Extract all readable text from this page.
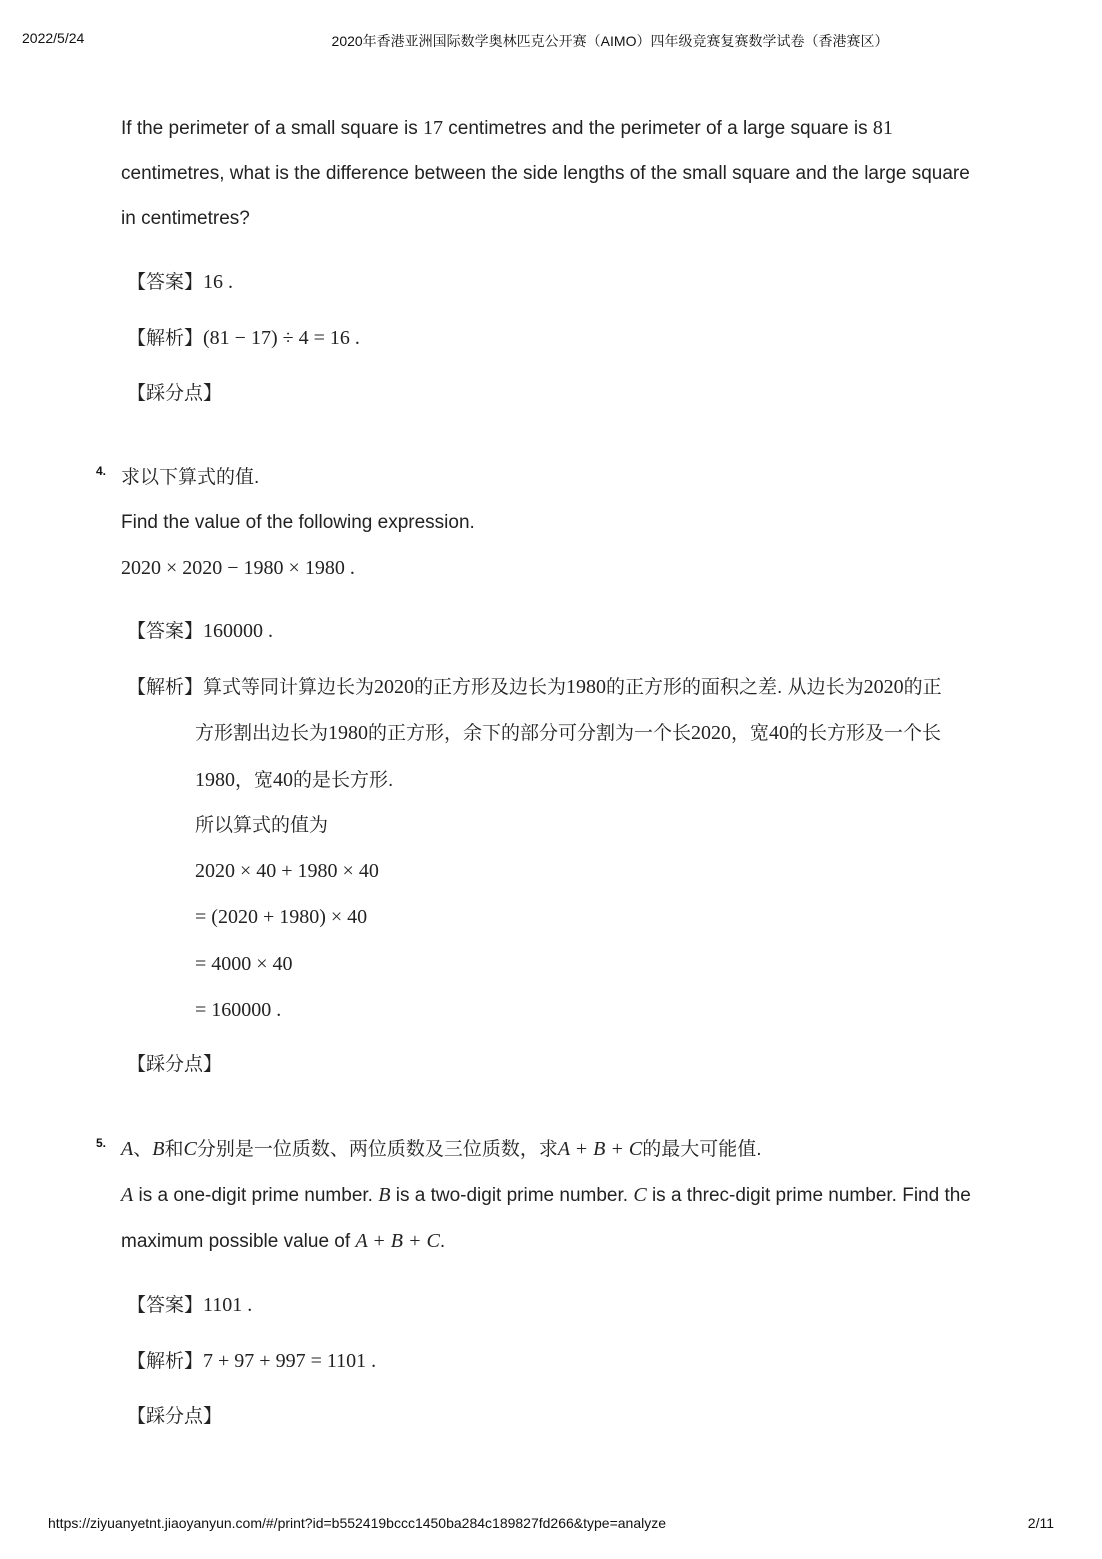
2022/5/24	2020年香港亚洲国际数学奥林匹克公开赛（AIMO）四年级竞赛复赛数学试卷（香港赛区）
If the perimeter of a small square is 17 centimetres and the perimeter of a large square is 81
centimetres, what is the difference between the side lengths of the small square and the large square
in centimetres?
【答案】16 .
【解析】(81 − 17) ÷ 4 = 16 .
【踩分点】
4. 求以下算式的值.
Find the value of the following expression.
2020 × 2020 − 1980 × 1980 .
【答案】160000 .
【解析】算式等同计算边长为2020的正方形及边长为1980的正方形的面积之差. 从边长为2020的正
方形割出边长为1980的正方形，余下的部分可分割为一个长2020，宽40的长方形及一个长
1980，宽40的是长方形.
所以算式的值为
2020 × 40 + 1980 × 40
= (2020 + 1980) × 40
= 4000 × 40
= 160000 .
【踩分点】
5. A、B和C分别是一位质数、两位质数及三位质数，求A + B + C的最大可能值.
A is a one-digit prime number. B is a two-digit prime number. C is a threc-digit prime number. Find the
maximum possible value of A + B + C.
【答案】1101 .
【解析】7 + 97 + 997 = 1101 .
【踩分点】
https://ziyuanyetnt.jiaoyanyun.com/#/print?id=b552419bccc1450ba284c189827fd266&type=analyze	2/11
